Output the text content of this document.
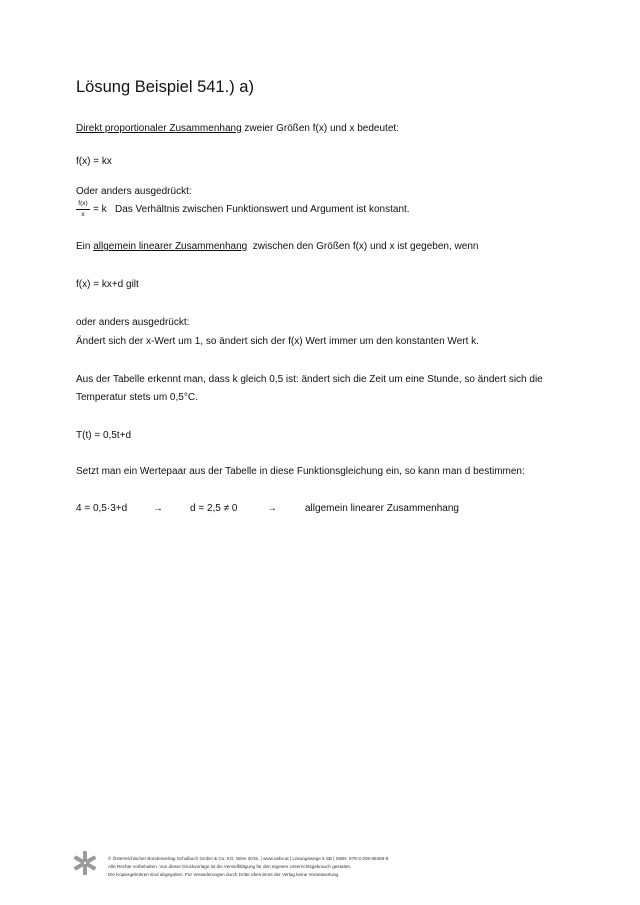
Lösung Beispiel 541.) a)
Direkt proportionaler Zusammenhang zweier Größen f(x) und x bedeutet:
f(x) = kx
Oder anders ausgedrückt:
$\frac{f(x)}{x} = k$ Das Verhältnis zwischen Funktionswert und Argument ist konstant.
Ein allgemein linearer Zusammenhang  zwischen den Größen f(x) und x ist gegeben, wenn
f(x) = kx+d gilt
oder anders ausgedrückt:
Ändert sich der x-Wert um 1, so ändert sich der f(x) Wert immer um den konstanten Wert k.
Aus der Tabelle erkennt man, dass k gleich 0,5 ist: ändert sich die Zeit um eine Stunde, so ändert sich die
Temperatur stets um 0,5°C.
T(t) = 0,5t+d
Setzt man ein Wertepaar aus der Tabelle in diese Funktionsgleichung ein, so kann man d bestimmen:
4 = 0,5·3+d	→	d = 2,5 ≠ 0	→	allgemein linearer Zusammenhang
© Österreichischer Bundesverlag Schulbuch GmbH & Co. KG, Wien 2015. | www.oebv.at | Lösungswege 5 SB | ISBN: 978-3-209-08466-8
Alle Rechte vorbehalten. Von dieser Druckvorlage ist die Vervielfältigung für den eigenen Unterrichtsgebrauch gestattet.
Die Kopiergebühren sind abgegolten. Für Veränderungen durch Dritte übernimmt der Verlag keine Verantwortung.
